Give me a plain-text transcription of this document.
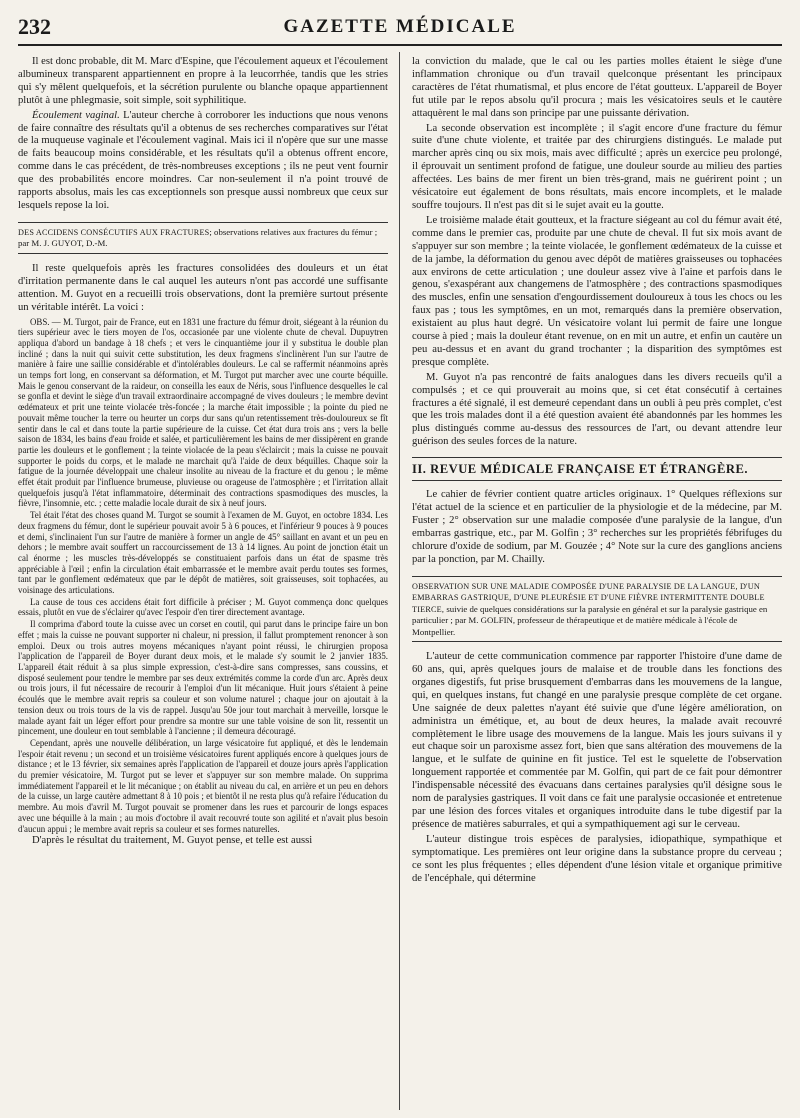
232	GAZETTE MÉDICALE

Il est donc probable, dit M. Marc d'Espine, que l'écoulement aqueux et l'écoulement albumineux transparent appartiennent en propre à la leucorrhée, tandis que les stries qui s'y mêlent quelquefois, et la sécrétion purulente ou blanche opaque appartiennent plutôt à une phlegmasie, soit simple, soit syphilitique.

Écoulement vaginal. L'auteur cherche à corroborer les inductions que nous venons de faire connaître des résultats qu'il a obtenus de ses recherches comparatives sur l'état de la muqueuse vaginale et l'écoulement vaginal. Mais ici il n'opère que sur une masse de faits beaucoup moins considérable, et les résultats qu'il a obtenus offrent encore, comme dans le cas précédent, de très-nombreuses exceptions ; ils ne peut vent fournir que des probabilités encore moindres. Car non-seulement il n'a point trouvé de rapports absolus, mais les cas exceptionnels son presque aussi nombreux que ceux sur lesquels repose la loi.

DES ACCIDENS CONSÉCUTIFS AUX FRACTURES; observations relatives aux fractures du fémur ; par M. J. GUYOT, D.-M.

Il reste quelquefois après les fractures consolidées des douleurs et un état d'irritation permanente dans le cal auquel les auteurs n'ont pas accordé une suffisante attention. M. Guyot en a recueilli trois observations, dont la première surtout présente un véritable intérêt. La voici :

OBS. — M. Turgot, pair de France, eut en 1831 une fracture du fémur droit, siégeant à la réunion du tiers supérieur avec le tiers moyen de l'os, occasionée par une violente chute de cheval. Dupuytren appliqua d'abord un bandage à 18 chefs ; et vers le cinquantième jour il y substitua le double plan incliné ; dans la nuit qui suivit cette substitution, les deux fragmens s'inclinèrent l'un sur l'autre de manière à faire une saillie considérable et d'intolérables douleurs. Le cal se raffermit néanmoins après un temps fort long, en conservant sa déformation, et M. Turgot put marcher avec une courte béquille. Mais le genou conservant de la raideur, on conseilla les eaux de Néris, sous l'influence desquelles le cal se gonfla et devint le siège d'un travail extraordinaire accompagné de vives douleurs ; le membre devint œdémateux et prit une teinte violacée très-foncée ; la marche était impossible ; la pointe du pied ne pouvait même toucher la terre ou heurter un corps dur sans qu'un retentissement très-douloureux se fît sentir dans le cal et dans toute la partie supérieure de la cuisse. Cet état dura trois ans ; vers la belle saison de 1834, les bains d'eau froide et salée, et particulièrement les bains de mer dissipèrent en grande partie les douleurs et le gonflement ; la teinte violacée de la peau s'éclaircit ; mais la cuisse ne pouvait supporter le poids du corps, et le malade ne marchait qu'à l'aide de deux béquilles. Chaque soir la fatigue de la journée développait une chaleur insolite au niveau de la fracture et du genou ; le même effet était produit par l'influence brumeuse, pluvieuse ou orageuse de l'atmosphère ; et l'irritation allait quelquefois jusqu'à l'état inflammatoire, déterminait des contractions spasmodiques des muscles, la fièvre, l'insomnie, etc. ; cette maladie locale durait de six à neuf jours.

Tel était l'état des choses quand M. Turgot se soumit à l'examen de M. Guyot, en octobre 1834. Les deux fragmens du fémur, dont le supérieur pouvait avoir 5 à 6 pouces, et l'inférieur 9 pouces à 9 pouces et demi, s'inclinaient l'un sur l'autre de manière à former un angle de 45° saillant en avant et un peu en dehors ; le membre avait souffert un raccourcissement de 13 à 14 lignes. Au point de jonction était un cal énorme ; les muscles très-développés se constituaient parfois dans un état de spasme très appréciable à l'œil ; enfin la circulation était embarrassée et le membre avait perdu toutes ses formes, tant par le gonflement œdémateux que par le dépôt de matières, soit graisseuses, soit tophacées, au voisinage des articulations.

La cause de tous ces accidens était fort difficile à préciser ; M. Guyot commença donc quelques essais, plutôt en vue de s'éclairer qu'avec l'espoir d'en tirer directement avantage.

Il comprima d'abord toute la cuisse avec un corset en coutil, qui parut dans le principe faire un bon effet ; mais la cuisse ne pouvant supporter ni chaleur, ni pression, il fallut promptement renoncer à son emploi. Deux ou trois autres moyens mécaniques n'ayant point réussi, le chirurgien proposa l'application de l'appareil de Boyer durant deux mois, et le malade s'y soumit le 2 janvier 1835. L'appareil était réduit à sa plus simple expression, c'est-à-dire sans compresses, sans coussins, et disposé seulement pour tendre le membre par ses deux extrémités comme la corde d'un arc. Après deux ou trois jours, il fut nécessaire de recourir à l'emploi d'un lit mécanique. Huit jours s'étaient à peine écoulés que le membre avait repris sa couleur et son volume naturel ; chaque jour on ajoutait à la tension deux ou trois tours de la vis de rappel. Jusqu'au 50e jour tout marchait à merveille, lorsque le malade ayant fait un léger effort pour prendre sa montre sur une table voisine de son lit, ressentit un pincement, une douleur en tout semblable à l'ancienne ; il demeura découragé.

Cependant, après une nouvelle délibération, un large vésicatoire fut appliqué, et dès le lendemain l'espoir était revenu ; un second et un troisième vésicatoires furent appliqués encore à quelques jours de distance ; et le 13 février, six semaines après l'application de l'appareil et douze jours après l'application du premier vésicatoire, M. Turgot put se lever et s'appuyer sur son membre malade. On supprima immédiatement l'appareil et le lit mécanique ; on établit au niveau du cal, en arrière et un peu en dehors de la cuisse, un large cautère admettant 8 à 10 pois ; et bientôt il ne resta plus qu'à refaire l'éducation du membre. Au mois d'avril M. Turgot pouvait se promener dans les rues et parcourir de longs espaces avec une béquille à la main ; au mois d'octobre il avait recouvré toute son agilité et n'avait plus besoin d'aucun appui ; le membre avait repris sa couleur et ses formes naturelles.

D'après le résultat du traitement, M. Guyot pense, et telle est aussi

la conviction du malade, que le cal ou les parties molles étaient le siège d'une inflammation chronique ou d'un travail quelconque présentant les principaux caractères de l'état rhumatismal, et plus encore de l'état goutteux. L'appareil de Boyer fut utile par le repos absolu qu'il procura ; mais les vésicatoires seuls et le cautère attaquèrent le mal dans son principe par une puissante dérivation.

La seconde observation est incomplète ; il s'agit encore d'une fracture du fémur suite d'une chute violente, et traitée par des chirurgiens distingués. Le malade put marcher après cinq ou six mois, mais avec difficulté ; après un exercice peu prolongé, il éprouvait un sentiment profond de fatigue, une douleur sourde au milieu des parties affectées. Les bains de mer firent un bien très-grand, mais ne guérirent point ; un vésicatoire eut également de bons résultats, mais encore incomplets, et le malade souffre toujours. Il n'est pas dit si le sujet avait eu la goutte.

Le troisième malade était goutteux, et la fracture siégeant au col du fémur avait été, comme dans le premier cas, produite par une chute de cheval. Il fut six mois avant de s'appuyer sur son membre ; la teinte violacée, le gonflement œdémateux de la cuisse et de la jambe, la déformation du genou avec dépôt de matières graisseuses ou tophacées aux environs de cette articulation ; une douleur assez vive à l'aine et parfois dans le genou, s'exaspérant aux changemens de l'atmosphère ; des contractions spasmodiques des muscles, enfin une sensation d'engourdissement douloureux à tous les chocs ou les faux pas ; tous les symptômes, en un mot, remarqués dans la première observation, existaient au plus haut degré. Un vésicatoire volant lui permit de faire une longue course à pied ; mais la douleur étant revenue, on en mit un autre, et enfin un cautère un peu au-dessus et en avant du grand trochanter ; la disparition des symptômes est presque complète.

M. Guyot n'a pas rencontré de faits analogues dans les divers recueils qu'il a compulsés ; et ce qui prouverait au moins que, si cet état consécutif à certaines fractures a été signalé, il est demeuré cependant dans un oubli à peu près complet, c'est que les trois malades dont il a été question avaient été abandonnés par les hommes les plus distingués comme au-dessus des ressources de l'art, ou devant attendre leur guérison des seules forces de la nature.

II. REVUE MÉDICALE FRANÇAISE ET ÉTRANGÈRE.

Le cahier de février contient quatre articles originaux. 1° Quelques réflexions sur l'état actuel de la science et en particulier de la physiologie et de la médecine, par M. Fuster ; 2° observation sur une maladie composée d'une paralysie de la langue, d'un embarras gastrique, etc., par M. Golfin ; 3° recherches sur les propriétés fébrifuges du chlorure d'oxide de sodium, par M. Gouzée ; 4° Note sur la cure des ganglions anciens par la ponction, par M. Chailly.

OBSERVATION SUR UNE MALADIE COMPOSÉE D'UNE PARALYSIE DE LA LANGUE, D'UN EMBARRAS GASTRIQUE, D'UNE PLEURÉSIE ET D'UNE FIÈVRE INTERMITTENTE DOUBLE TIERCE, suivie de quelques considérations sur la paralysie en général et sur la paralysie gastrique en particulier ; par M. GOLFIN, professeur de thérapeutique et de matière médicale à l'école de Montpellier.

L'auteur de cette communication commence par rapporter l'histoire d'une dame de 60 ans, qui, après quelques jours de malaise et de trouble dans les fonctions des organes digestifs, fut prise brusquement d'embarras dans les mouvemens de la langue, qui, en quelques instans, fut changé en une paralysie presque complète de cet organe. Une saignée de deux palettes n'ayant été suivie que d'une légère amélioration, on administra un émétique, et, au bout de deux heures, la malade avait recouvré complètement le libre usage des mouvemens de la langue. Mais les jours suivans il y eut chaque soir un paroxisme assez fort, bien que sans altération des mouvemens de la langue, et le sulfate de quinine en fit justice. Tel est le squelette de l'observation longuement rapportée et commentée par M. Golfin, qui part de ce fait pour démontrer l'indispensable nécessité des évacuans dans certaines paralysies qu'il désigne sous le nom de paralysies gastriques. Il voit dans ce fait une paralysie occasionée et entretenue par une lésion des forces vitales et organiques introduite dans le tube digestif par la présence de matières saburrales, et qui a sympathiquement agi sur le cerveau.

L'auteur distingue trois espèces de paralysies, idiopathique, sympathique et symptomatique. Les premières ont leur origine dans la substance propre du cerveau ; ce sont les plus fréquentes ; elles dépendent d'une lésion vitale et organique primitive de l'encéphale, qui détermine
